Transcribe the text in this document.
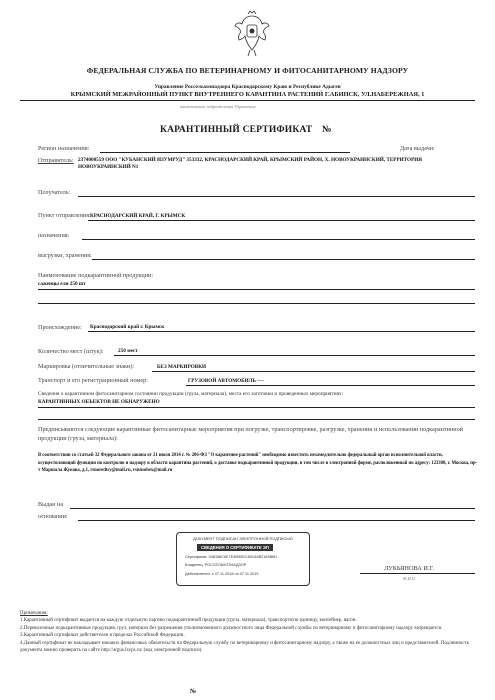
ФЕДЕРАЛЬНАЯ СЛУЖБА ПО ВЕТЕРИНАРНОМУ И ФИТОСАНИТАРНОМУ НАДЗОРУ
Управление Россельхознадзора Краснодарскому Краю и Республике Адыгея
КРЫМСКИЙ МЕЖРАЙОННЫЙ ПУНКТ ВНУТРЕННЕГО КАРАНТИНА РАСТЕНИЙ Г.АБИНСК, УЛ.НАБЕРЕЖНАЯ, 1
наименование подразделения Управления
КАРАНТИННЫЙ СЕРТИФИКАТ №
Регион назначения:	Дата выдачи:
Отправитель: 2374000559 ООО "КУБАНСКИЙ ИЗУМРУД" 353332, КРАСНОДАРСКИЙ КРАЙ, КРЫМСКИЙ РАЙОН, Х. НОВОУКРАИНСКИЙ, ТЕРРИТОРИЯ НОВОУКРАИНСКИЙ N1
Получатель:
Пункт отправления: КРАСНОДАРСКИЙ КРАЙ, Г. КРЫМСК
назначения:
выгрузки, хранения:
Наименование подкарантинной продукции:
саженцы ели 250 шт
Происхождение: Краснодарский край г. Крымск
Количество мест (штук):	250 мест
Маркировка (отличительные знаки):	БЕЗ МАРКИРОВКИ
Транспорт и его регистрационный номер:	ГРУЗОВОЙ АВТОМОБИЛЬ ----
Сведения о карантинном фитосанитарном состоянии продукции (груза, материала), места его заготовки и проведенных мероприятиях:
КАРАНТИННЫХ ОБЪЕКТОВ НЕ ОБНАРУЖЕНО
Предписываются следующие карантинные фитосанитарные мероприятия при погрузке, транспортировке, разгрузке, хранении и использовании подкарантинной продукции (груза, материала):
В соответствии со статьей 32 Федерального закона от 21 июля 2014 г. № 206-ФЗ "О карантине растений" необходимо известить незамедлительно федеральный орган исполнительной власти, осуществляющий функции по контролю и надзору в области карантина растений, о доставке подкарантинной продукции, в том числе в электронной форме, расположенный по адресу: 123308, г. Москва, пр-т Маршала Жукова, д.1, rsnoredtsy@mail.ru, rsnnsobex@mail.ru
Выдан на
основании:
ЛУКЬЯНОВА И.Г.
Ф.И.О.
ДОКУМЕНТ ПОДПИСАН ЭЛЕКТРОННОЙ ПОДПИСЬЮ
СВЕДЕНИЯ О СЕРТИФИКАТЕ ЭП
Сертификат: 048158C6E7E4B90DC851A9B2163B6D
Владелец: РОССЕЛЬХОЗНАДЗОР
Действителен: с 07.11.2018 по 07.11.2019
Примечания:
1.Карантинный сертификат выдается на каждую отдельную партию подкарантинной продукции (груза, материала), транспортную единицу, контейнер, вагон.
2.Перевозочные подкарантинные продукция, груз, материал без разрешения уполномоченного должностного лица Федеральной службы по ветеринарному и фитосанитарному надзору запрещается.
3.Карантинный сертификат действителен в пределах Российской Федерации.
4.Данный сертификат не накладывает никаких финансовых обязательств на Федеральную службу по ветеринарному и фитосанитарному надзору, а также на ее должностных лиц и представителей. Подлинность документа можно проверить на сайте http://argus.fsvps.ru/ (код электронной подписи).
№
